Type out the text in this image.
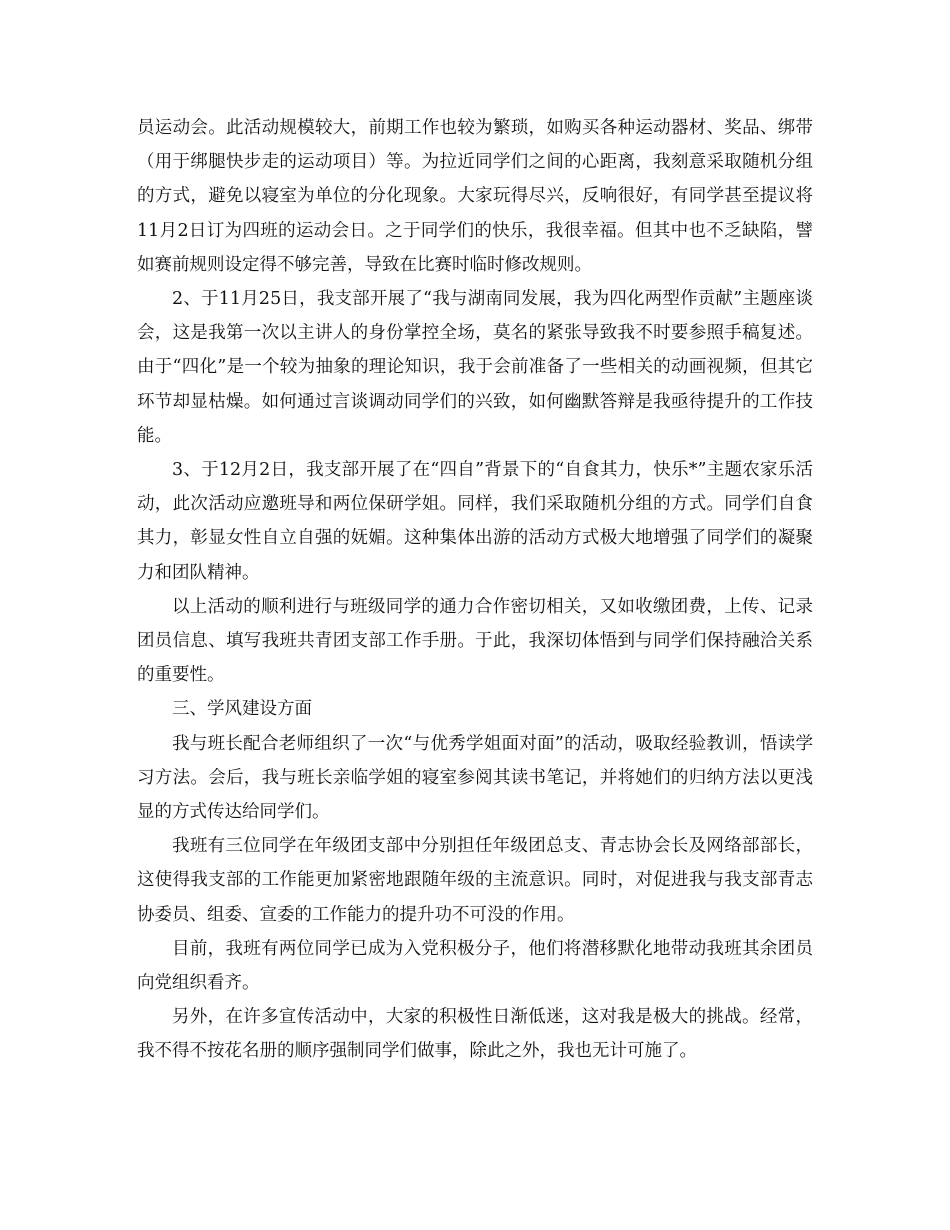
员运动会。此活动规模较大，前期工作也较为繁琐，如购买各种运动器材、奖品、绑带（用于绑腿快步走的运动项目）等。为拉近同学们之间的心距离，我刻意采取随机分组的方式，避免以寝室为单位的分化现象。大家玩得尽兴，反响很好，有同学甚至提议将11月2日订为四班的运动会日。之于同学们的快乐，我很幸福。但其中也不乏缺陷，譬如赛前规则设定得不够完善，导致在比赛时临时修改规则。

2、于11月25日，我支部开展了“我与湖南同发展，我为四化两型作贡献”主题座谈会，这是我第一次以主讲人的身份掌控全场，莫名的紧张导致我不时要参照手稿复述。由于“四化”是一个较为抽象的理论知识，我于会前准备了一些相关的动画视频，但其它环节却显枯燥。如何通过言谈调动同学们的兴致，如何幽默答辩是我亟待提升的工作技能。

3、于12月2日，我支部开展了在“四自”背景下的“自食其力，快乐*”主题农家乐活动，此次活动应邀班导和两位保研学姐。同样，我们采取随机分组的方式。同学们自食其力，彰显女性自立自强的妩媚。这种集体出游的活动方式极大地增强了同学们的凝聚力和团队精神。

以上活动的顺利进行与班级同学的通力合作密切相关，又如收缴团费，上传、记录团员信息、填写我班共青团支部工作手册。于此，我深切体悟到与同学们保持融洽关系的重要性。

三、学风建设方面

我与班长配合老师组织了一次“与优秀学姐面对面”的活动，吸取经验教训，悟读学习方法。会后，我与班长亲临学姐的寝室参阅其读书笔记，并将她们的归纳方法以更浅显的方式传达给同学们。

我班有三位同学在年级团支部中分别担任年级团总支、青志协会长及网络部部长，这使得我支部的工作能更加紧密地跟随年级的主流意识。同时，对促进我与我支部青志协委员、组委、宣委的工作能力的提升功不可没的作用。

目前，我班有两位同学已成为入党积极分子，他们将潜移默化地带动我班其余团员向党组织看齐。

另外，在许多宣传活动中，大家的积极性日渐低迷，这对我是极大的挑战。经常，我不得不按花名册的顺序强制同学们做事，除此之外，我也无计可施了。
